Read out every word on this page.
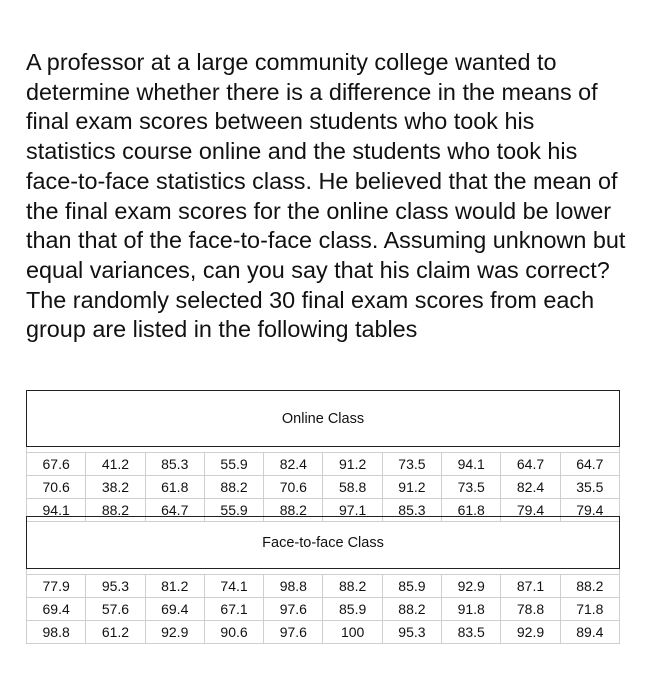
A professor at a large community college wanted to determine whether there is a difference in the means of final exam scores between students who took his statistics course online and the students who took his face-to-face statistics class. He believed that the mean of the final exam scores for the online class would be lower than that of the face-to-face class. Assuming unknown but equal variances, can you say that his claim was correct? The randomly selected 30 final exam scores from each group are listed in the following tables

Online Class									

67.6	41.2	85.3	55.9	82.4	91.2	73.5	94.1	64.7	64.7
70.6	38.2	61.8	88.2	70.6	58.8	91.2	73.5	82.4	35.5
94.1	88.2	64.7	55.9	88.2	97.1	85.3	61.8	79.4	79.4
Face-to-face Class									

77.9	95.3	81.2	74.1	98.8	88.2	85.9	92.9	87.1	88.2
69.4	57.6	69.4	67.1	97.6	85.9	88.2	91.8	78.8	71.8
98.8	61.2	92.9	90.6	97.6	100	95.3	83.5	92.9	89.4
